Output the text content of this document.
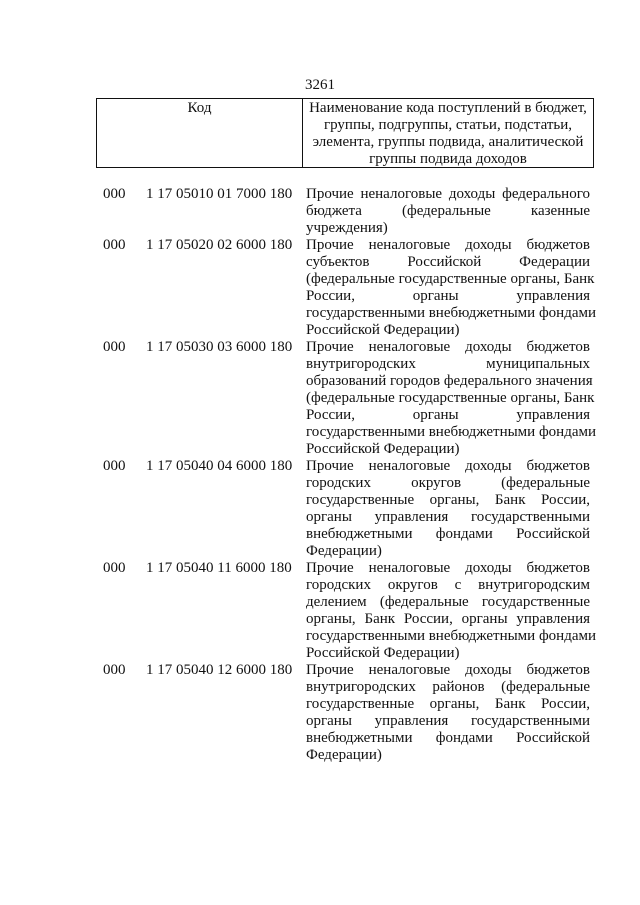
3261
Код	Наименование кода поступлений в бюджет,
группы, подгруппы, статьи, подстатьи,
элемента, группы подвида, аналитической
группы подвида доходов
000 1 17 05010 01 7000 180 Прочие неналоговые доходы федерального
бюджета (федеральные казенные
учреждения)
000 1 17 05020 02 6000 180 Прочие неналоговые доходы бюджетов
субъектов Российской Федерации
(федеральные государственные органы, Банк
России, органы управления
государственными внебюджетными фондами
Российской Федерации)
000 1 17 05030 03 6000 180 Прочие неналоговые доходы бюджетов
внутригородских муниципальных
образований городов федерального значения
(федеральные государственные органы, Банк
России, органы управления
государственными внебюджетными фондами
Российской Федерации)
000 1 17 05040 04 6000 180 Прочие неналоговые доходы бюджетов
городских округов (федеральные
государственные органы, Банк России,
органы управления государственными
внебюджетными фондами Российской
Федерации)
000 1 17 05040 11 6000 180 Прочие неналоговые доходы бюджетов
городских округов с внутригородским
делением (федеральные государственные
органы, Банк России, органы управления
государственными внебюджетными фондами
Российской Федерации)
000 1 17 05040 12 6000 180 Прочие неналоговые доходы бюджетов
внутригородских районов (федеральные
государственные органы, Банк России,
органы управления государственными
внебюджетными фондами Российской
Федерации)
